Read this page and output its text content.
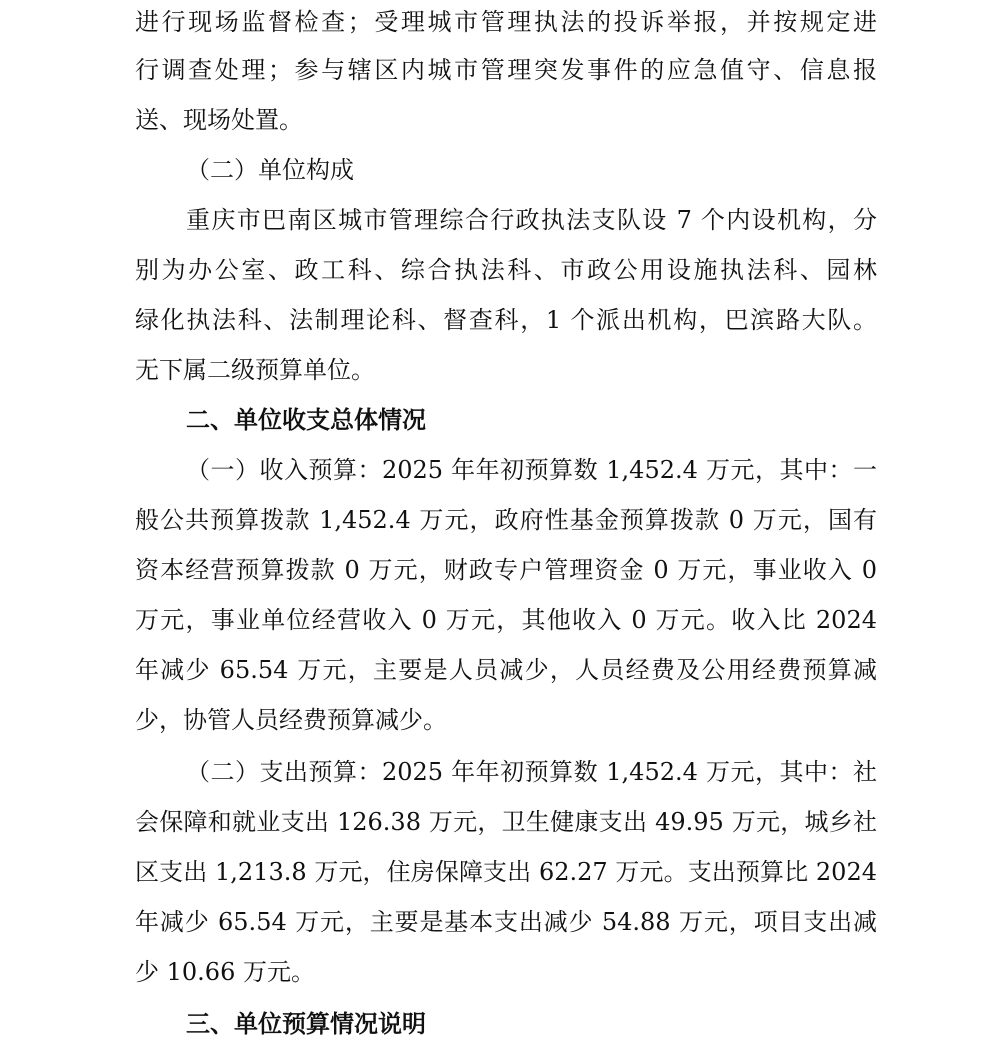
进行现场监督检查；受理城市管理执法的投诉举报，并按规定进
行调查处理；参与辖区内城市管理突发事件的应急值守、信息报
送、现场处置。
（二）单位构成
重庆市巴南区城市管理综合行政执法支队设 7 个内设机构，分
别为办公室、政工科、综合执法科、市政公用设施执法科、园林
绿化执法科、法制理论科、督查科，1 个派出机构，巴滨路大队。
无下属二级预算单位。
二、单位收支总体情况
（一）收入预算：2025 年年初预算数 1,452.4 万元，其中：一
般公共预算拨款 1,452.4 万元，政府性基金预算拨款 0 万元，国有
资本经营预算拨款 0 万元，财政专户管理资金 0 万元，事业收入 0
万元，事业单位经营收入 0 万元，其他收入 0 万元。收入比 2024
年减少 65.54 万元，主要是人员减少，人员经费及公用经费预算减
少，协管人员经费预算减少。
（二）支出预算：2025 年年初预算数 1,452.4 万元，其中：社
会保障和就业支出 126.38 万元，卫生健康支出 49.95 万元，城乡社
区支出 1,213.8 万元，住房保障支出 62.27 万元。支出预算比 2024
年减少 65.54 万元，主要是基本支出减少 54.88 万元，项目支出减
少 10.66 万元。
三、单位预算情况说明
